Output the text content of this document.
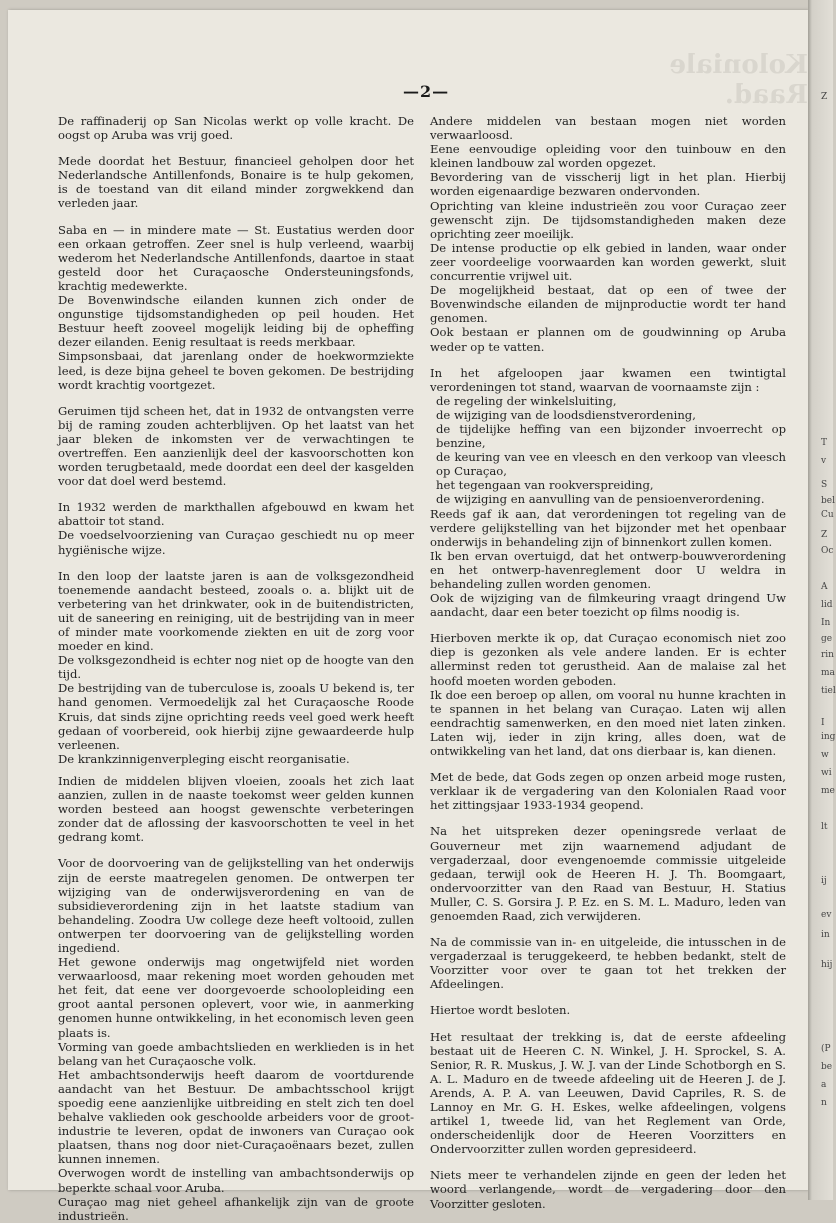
Koloniale Raad.
—2—

De raffinaderij op San Nicolas werkt op volle kracht. De oogst op Aruba was vrij goed.

Mede doordat het Bestuur, financieel geholpen door het Nederlandsche Antillenfonds, Bonaire is te hulp gekomen, is de toestand van dit eiland minder zorgwekkend dan verleden jaar.

Saba en — in mindere mate — St. Eustatius werden door een orkaan getroffen. Zeer snel is hulp verleend, waarbij wederom het Nederlandsche Antillenfonds, daartoe in staat gesteld door het Curaçaosche Ondersteuningsfonds, krachtig medewerkte.

De Bovenwindsche eilanden kunnen zich onder de ongunstige tijdsomstandigheden op peil houden. Het Bestuur heeft zooveel mogelijk leiding bij de opheffing dezer eilanden. Eenig resultaat is reeds merkbaar.

Simpsonsbaai, dat jarenlang onder de hoekwormziekte leed, is deze bijna geheel te boven gekomen. De bestrijding wordt krachtig voortgezet.

Geruimen tijd scheen het, dat in 1932 de ontvangsten verre bij de raming zouden achterblijven. Op het laatst van het jaar bleken de inkomsten ver de verwachtingen te overtreffen. Een aanzienlijk deel der kasvoorschotten kon worden terugbetaald, mede doordat een deel der kasgelden voor dat doel werd bestemd.

In 1932 werden de markthallen afgebouwd en kwam het abattoir tot stand.

De voedselvoorziening van Curaçao geschiedt nu op meer hygiënische wijze.

In den loop der laatste jaren is aan de volksgezondheid toenemende aandacht besteed, zooals o. a. blijkt uit de verbetering van het drinkwater, ook in de buitendistricten, uit de saneering en reiniging, uit de bestrijding van in meer of minder mate voorkomende ziekten en uit de zorg voor moeder en kind.

De volksgezondheid is echter nog niet op de hoogte van den tijd.

De bestrijding van de tuberculose is, zooals U bekend is, ter hand genomen. Vermoedelijk zal het Curaçaosche Roode Kruis, dat sinds zijne oprichting reeds veel goed werk heeft gedaan of voorbereid, ook hierbij zijne gewaardeerde hulp verleenen.

De krankzinnigenverpleging eischt reorganisatie.

Indien de middelen blijven vloeien, zooals het zich laat aanzien, zullen in de naaste toekomst weer gelden kunnen worden besteed aan hoogst gewenschte verbeteringen zonder dat de aflossing der kasvoorschotten te veel in het gedrang komt.

Voor de doorvoering van de gelijkstelling van het onderwijs zijn de eerste maatregelen genomen. De ontwerpen ter wijziging van de onderwijsverordening en van de subsidieverordening zijn in het laatste stadium van behandeling. Zoodra Uw college deze heeft voltooid, zullen ontwerpen ter doorvoering van de gelijkstelling worden ingediend.

Het gewone onderwijs mag ongetwijfeld niet worden verwaarloosd, maar rekening moet worden gehouden met het feit, dat eene ver doorgevoerde schoolopleiding een groot aantal personen oplevert, voor wie, in aanmerking genomen hunne ontwikkeling, in het economisch leven geen plaats is.

Vorming van goede ambachtslieden en werklieden is in het belang van het Curaçaosche volk.

Het ambachtsonderwijs heeft daarom de voortdurende aandacht van het Bestuur. De ambachtsschool krijgt spoedig eene aanzienlijke uitbreiding en stelt zich ten doel behalve vaklieden ook geschoolde arbeiders voor de groot-industrie te leveren, opdat de inwoners van Curaçao ook plaatsen, thans nog door niet-Curaçaoënaars bezet, zullen kunnen innemen.

Overwogen wordt de instelling van ambachtsonderwijs op beperkte schaal voor Aruba.

Curaçao mag niet geheel afhankelijk zijn van de groote industrieën.

Andere middelen van bestaan mogen niet worden verwaarloosd.

Eene eenvoudige opleiding voor den tuinbouw en den kleinen landbouw zal worden opgezet.

Bevordering van de visscherij ligt in het plan. Hierbij worden eigenaardige bezwaren ondervonden.

Oprichting van kleine industrieën zou voor Curaçao zeer gewenscht zijn. De tijdsomstandigheden maken deze oprichting zeer moeilijk.

De intense productie op elk gebied in landen, waar onder zeer voordeelige voorwaarden kan worden gewerkt, sluit concurrentie vrijwel uit.

De mogelijkheid bestaat, dat op een of twee der Bovenwindsche eilanden de mijnproductie wordt ter hand genomen.

Ook bestaan er plannen om de goudwinning op Aruba weder op te vatten.

In het afgeloopen jaar kwamen een twintigtal verordeningen tot stand, waarvan de voornaamste zijn :

de regeling der winkelsluiting,
de wijziging van de loodsdienstverordening,
de tijdelijke heffing van een bijzonder invoerrecht op benzine,
de keuring van vee en vleesch en den verkoop van vleesch op Curaçao,
het tegengaan van rookverspreiding,
de wijziging en aanvulling van de pensioenverordening.

Reeds gaf ik aan, dat verordeningen tot regeling van de verdere gelijkstelling van het bijzonder met het openbaar onderwijs in behandeling zijn of binnenkort zullen komen.

Ik ben ervan overtuigd, dat het ontwerp-bouwverordening en het ontwerp-havenreglement door U weldra in behandeling zullen worden genomen.

Ook de wijziging van de filmkeuring vraagt dringend Uw aandacht, daar een beter toezicht op films noodig is.

Hierboven merkte ik op, dat Curaçao economisch niet zoo diep is gezonken als vele andere landen. Er is echter allerminst reden tot gerustheid. Aan de malaise zal het hoofd moeten worden geboden.

Ik doe een beroep op allen, om vooral nu hunne krachten in te spannen in het belang van Curaçao. Laten wij allen eendrachtig samenwerken, en den moed niet laten zinken. Laten wij, ieder in zijn kring, alles doen, wat de ontwikkeling van het land, dat ons dierbaar is, kan dienen.

Met de bede, dat Gods zegen op onzen arbeid moge rusten, verklaar ik de vergadering van den Kolonialen Raad voor het zittingsjaar 1933-1934 geopend.

Na het uitspreken dezer openingsrede verlaat de Gouverneur met zijn waarnemend adjudant de vergaderzaal, door evengenoemde commissie uitgeleide gedaan, terwijl ook de Heeren H. J. Th. Boomgaart, ondervoorzitter van den Raad van Bestuur, H. Statius Muller, C. S. Gorsira J. P. Ez. en S. M. L. Maduro, leden van genoemden Raad, zich verwijderen.

Na de commissie van in- en uitgeleide, die intusschen in de vergaderzaal is teruggekeerd, te hebben bedankt, stelt de Voorzitter voor over te gaan tot het trekken der Afdeelingen.

Hiertoe wordt besloten.

Het resultaat der trekking is, dat de eerste afdeeling bestaat uit de Heeren C. N. Winkel, J. H. Sprockel, S. A. Senior, R. R. Muskus, J. W. J. van der Linde Schotborgh en S. A. L. Maduro en de tweede afdeeling uit de Heeren J. de J. Arends, A. P. A. van Leeuwen, David Capriles, R. S. de Lannoy en Mr. G. H. Eskes, welke afdeelingen, volgens artikel 1, tweede lid, van het Reglement van Orde, onderscheidenlijk door de Heeren Voorzitters en Ondervoorzitter zullen worden gepresideerd.

Niets meer te verhandelen zijnde en geen der leden het woord verlangende, wordt de vergadering door den Voorzitter gesloten.

Z
T
v
S
bel
Cu
Z
Oc
A
lid
In
ge
rin
ma
tiel
I
ing
w
wi
me
lt
ij
ev
in
hij
(P
be
a
n
